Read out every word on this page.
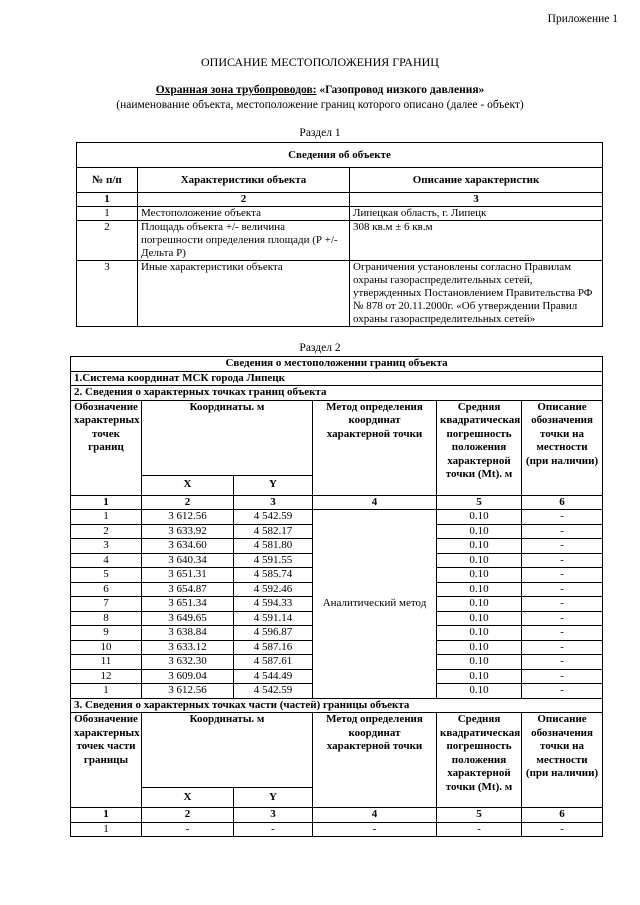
Приложение 1
ОПИСАНИЕ МЕСТОПОЛОЖЕНИЯ ГРАНИЦ
Охранная зона трубопроводов: «Газопровод низкого давления»
(наименование объекта, местоположение границ которого описано (далее - объект)
Раздел 1
Сведения об объекте		
№ п/п	Характеристики объекта	Описание характеристик
1	2	3
1	Местоположение объекта	Липецкая область, г. Липецк
2	Площадь объекта +/- величина погрешности определения площади (Р +/- Дельта Р)	308 кв.м ± 6 кв.м
3	Иные характеристики объекта	Ограничения установлены согласно Правилам охраны газораспределительных сетей, утвержденных Постановлением Правительства РФ № 878 от 20.11.2000г. «Об утверждении Правил охраны газораспределительных сетей»
Раздел 2
Сведения о местоположении границ объекта					
1.Система координат МСК города Липецк					
2. Сведения о характерных точках границ объекта					
Обозначение характерных точек границ	Координаты. м		Метод определения координат характерной точки	Средняя квадратическая погрешность положения характерной точки (Mt). м	Описание обозначения точки на местности (при наличии)
	X	Y			
1	2	3	4	5	6
1	3 612.56	4 542.59	Аналитический метод	0.10	-
2	3 633.92	4 582.17		0.10	-
3	3 634.60	4 581.80		0.10	-
4	3 640.34	4 591.55		0.10	-
5	3 651.31	4 585.74		0.10	-
6	3 654.87	4 592.46		0.10	-
7	3 651.34	4 594.33		0.10	-
8	3 649.65	4 591.14		0.10	-
9	3 638.84	4 596.87		0.10	-
10	3 633.12	4 587.16		0.10	-
11	3 632.30	4 587.61		0.10	-
12	3 609.04	4 544.49		0.10	-
1	3 612.56	4 542.59		0.10	-
3. Сведения о характерных точках части (частей) границы объекта					
Обозначение характерных точек части границы	Координаты. м		Метод определения координат характерной точки	Средняя квадратическая погрешность положения характерной точки (Mt). м	Описание обозначения точки на местности (при наличии)
	X	Y			
1	2	3	4	5	6
1	-	-	-	-	-
